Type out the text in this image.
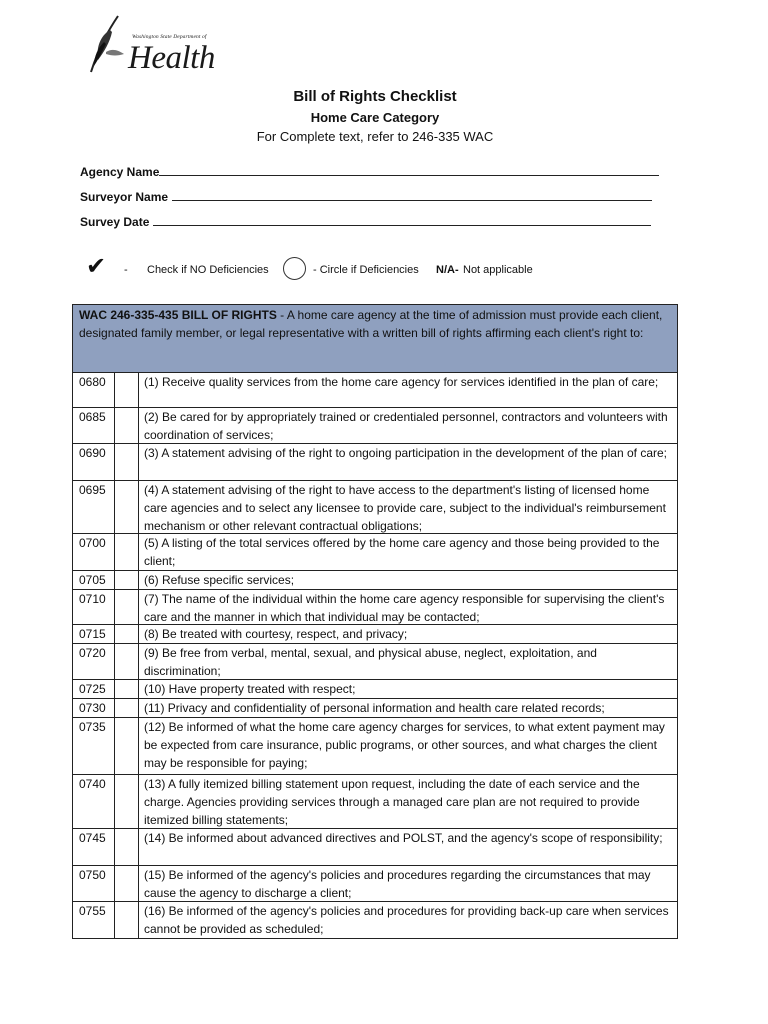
Washington State Department of
Health
Bill of Rights Checklist
Home Care Category
For Complete text, refer to 246-335 WAC
Agency Name
Surveyor Name
Survey Date
✔ - Check if NO Deficiencies	- Circle if Deficiencies N/A- Not applicable
WAC 246-335-435 BILL OF RIGHTS - A home care agency at the time of admission must provide each client, designated family member, or legal representative with a written bill of rights affirming each client's right to:		
0680		(1) Receive quality services from the home care agency for services identified in the plan of care;

0685		(2) Be cared for by appropriately trained or credentialed personnel, contractors and volunteers with coordination of services;

0690		(3) A statement advising of the right to ongoing participation in the development of the plan of care;

0695		(4) A statement advising of the right to have access to the department's listing of licensed home care agencies and to select any licensee to provide care, subject to the individual's reimbursement mechanism or other relevant contractual obligations;

0700		(5) A listing of the total services offered by the home care agency and those being provided to the client;

0705		(6) Refuse specific services;

0710		(7) The name of the individual within the home care agency responsible for supervising the client's care and the manner in which that individual may be contacted;

0715		(8) Be treated with courtesy, respect, and privacy;

0720		(9) Be free from verbal, mental, sexual, and physical abuse, neglect, exploitation, and discrimination;

0725		(10) Have property treated with respect;

0730		(11) Privacy and confidentiality of personal information and health care related records;

0735		(12) Be informed of what the home care agency charges for services, to what extent payment may be expected from care insurance, public programs, or other sources, and what charges the client may be responsible for paying;

0740		(13) A fully itemized billing statement upon request, including the date of each service and the charge. Agencies providing services through a managed care plan are not required to provide itemized billing statements;

0745		(14) Be informed about advanced directives and POLST, and the agency's scope of responsibility;

0750		(15) Be informed of the agency's policies and procedures regarding the circumstances that may cause the agency to discharge a client;

0755		(16) Be informed of the agency's policies and procedures for providing back-up care when services cannot be provided as scheduled;
